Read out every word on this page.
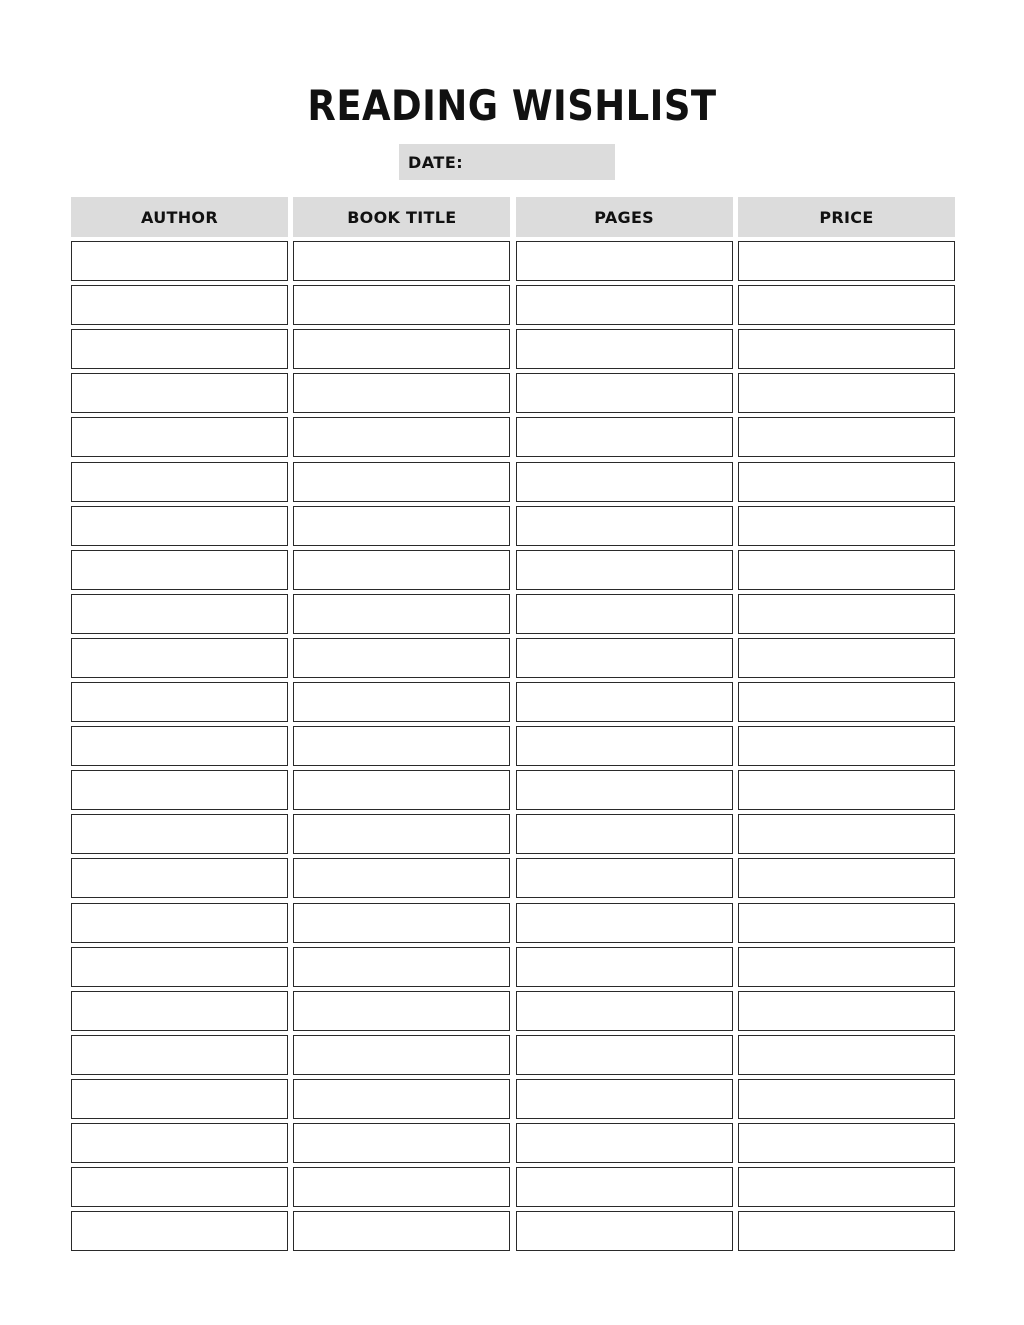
READING WISHLIST
DATE:
AUTHOR	BOOK TITLE	PAGES	PRICE
